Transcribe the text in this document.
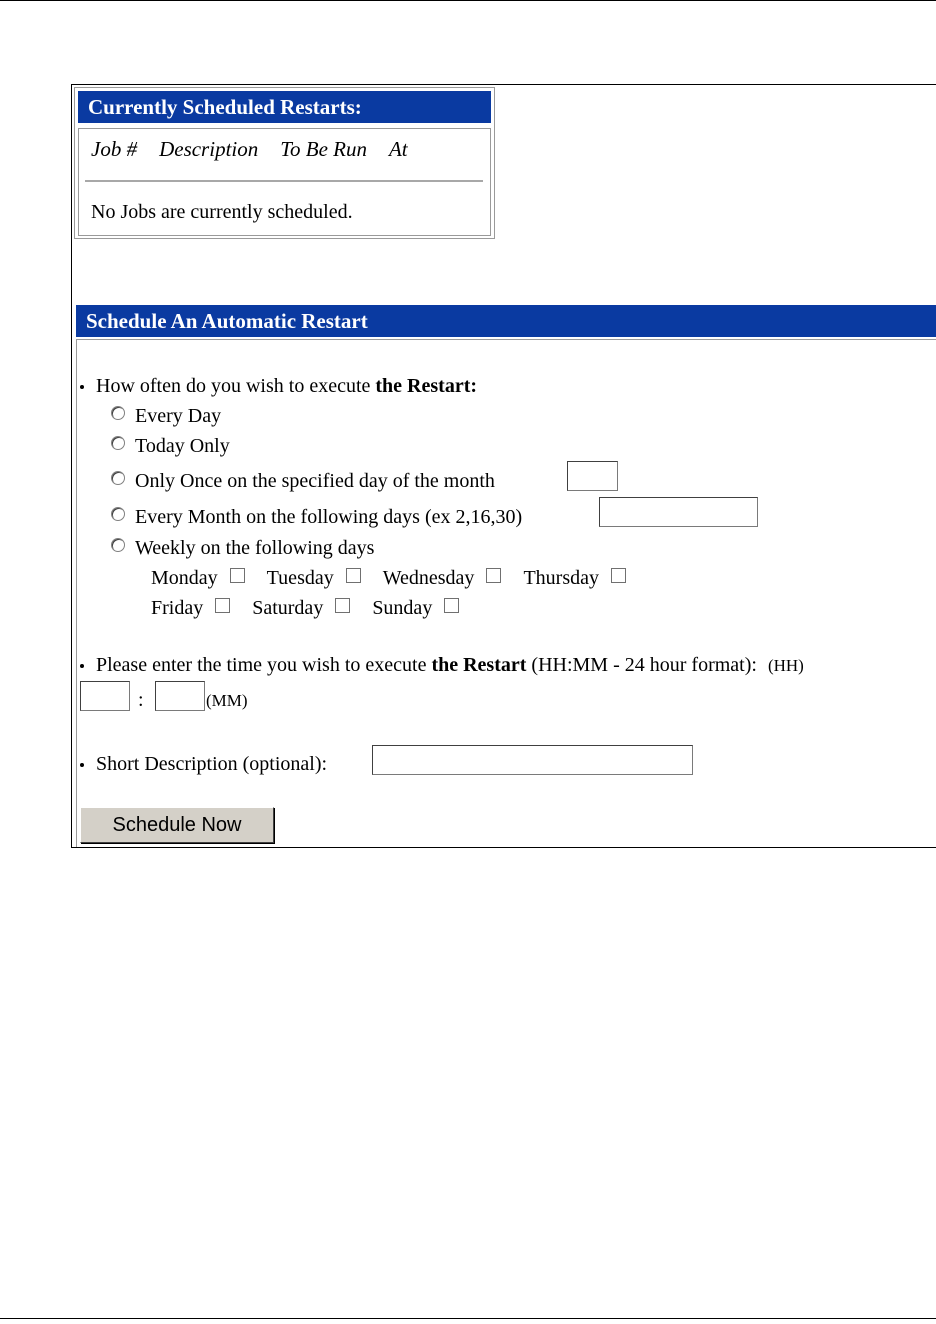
Currently Scheduled Restarts:
Job # Description To Be Run At
No Jobs are currently scheduled.
Schedule An Automatic Restart
How often do you wish to execute the Restart:
Every Day
Today Only
Only Once on the specified day of the month
Every Month on the following days (ex 2,16,30)
Weekly on the following days
Monday Tuesday Wednesday Thursday
Friday Saturday Sunday
Please enter the time you wish to execute the Restart (HH:MM - 24 hour format): (HH)
:	(MM)
Short Description (optional):
Schedule Now
